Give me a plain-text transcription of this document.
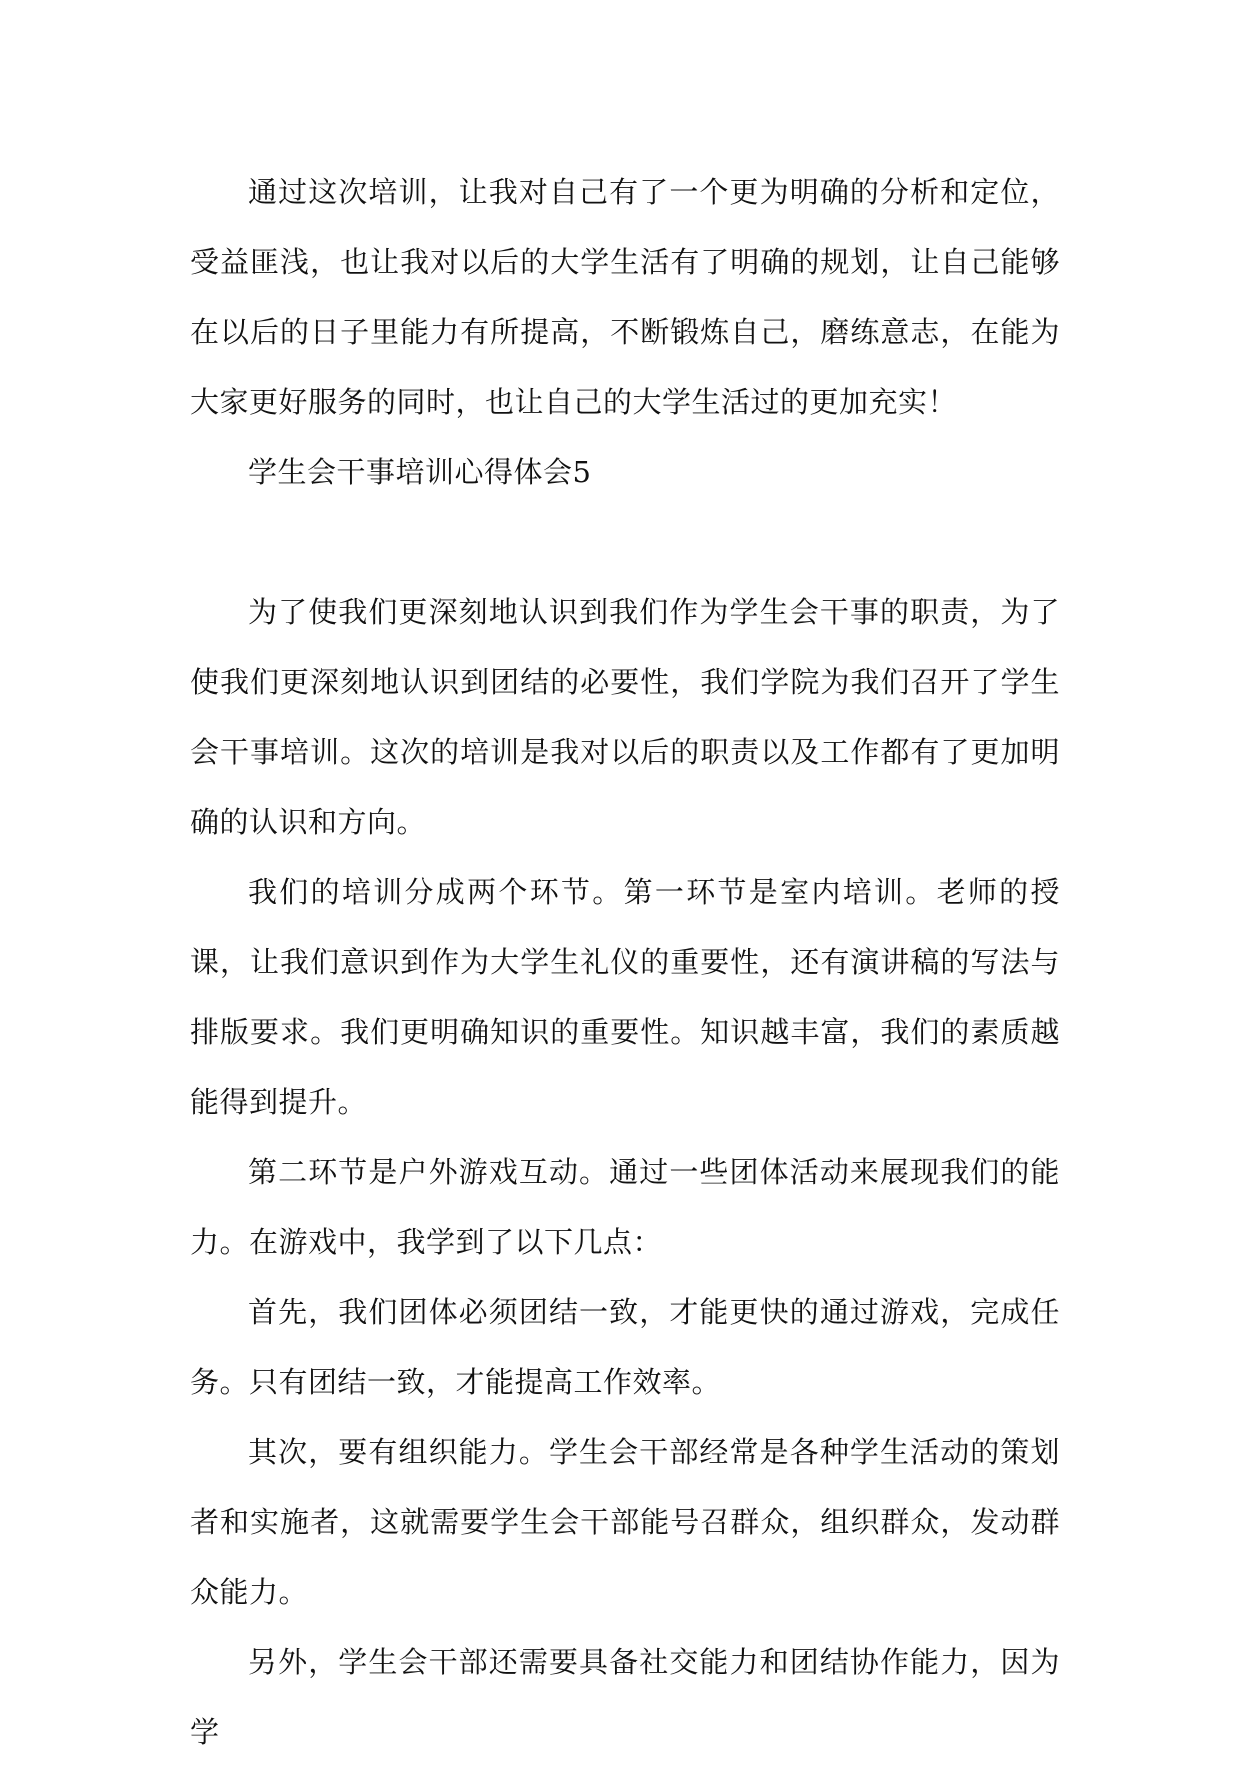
通过这次培训，让我对自己有了一个更为明确的分析和定位，受益匪浅，也让我对以后的大学生活有了明确的规划，让自己能够在以后的日子里能力有所提高，不断锻炼自己，磨练意志，在能为大家更好服务的同时，也让自己的大学生活过的更加充实！

学生会干事培训心得体会5

为了使我们更深刻地认识到我们作为学生会干事的职责，为了使我们更深刻地认识到团结的必要性，我们学院为我们召开了学生会干事培训。这次的培训是我对以后的职责以及工作都有了更加明确的认识和方向。

我们的培训分成两个环节。第一环节是室内培训。老师的授课，让我们意识到作为大学生礼仪的重要性，还有演讲稿的写法与排版要求。我们更明确知识的重要性。知识越丰富，我们的素质越能得到提升。

第二环节是户外游戏互动。通过一些团体活动来展现我们的能力。在游戏中，我学到了以下几点：

首先，我们团体必须团结一致，才能更快的通过游戏，完成任务。只有团结一致，才能提高工作效率。

其次，要有组织能力。学生会干部经常是各种学生活动的策划者和实施者，这就需要学生会干部能号召群众，组织群众，发动群众能力。

另外，学生会干部还需要具备社交能力和团结协作能力，因为学
